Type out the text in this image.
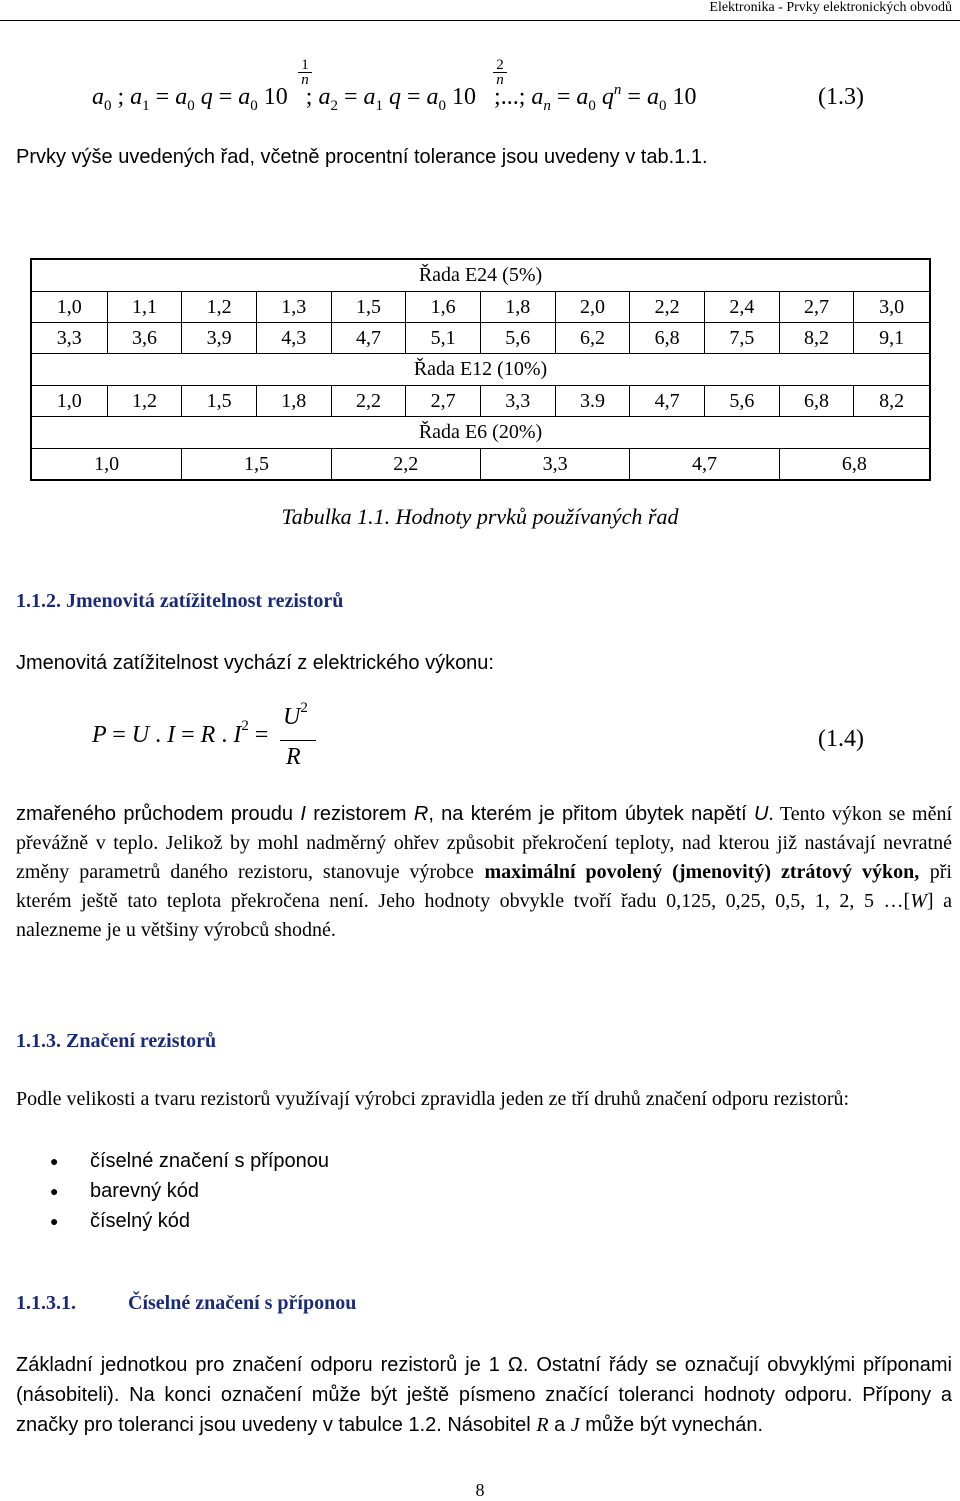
Elektronika - Prvky elektronických obvodů
$\frac{1}{n}$	$\frac{2}{n}$
$a_0$ ; $a_1 = a_0$ $q = a_0$ 10   ; $a_2 = a_1$ $q = a_0$ 10   ;...; $a_n = a_0$ $q^n = a_0$ 10	(1.3)
Prvky výše uvedených řad, včetně procentní tolerance jsou uvedeny v tab.1.1.
Řada E24 (5%)											
1,0	1,1	1,2	1,3	1,5	1,6	1,8	2,0	2,2	2,4	2,7	3,0
3,3	3,6	3,9	4,3	4,7	5,1	5,6	6,2	6,8	7,5	8,2	9,1
Řada E12 (10%)											
1,0	1,2	1,5	1,8	2,2	2,7	3,3	3.9	4,7	5,6	6,8	8,2
Řada E6 (20%)											
1,0		1,5		2,2		3,3		4,7		6,8	
Tabulka 1.1. Hodnoty prvků používaných řad
1.1.2. Jmenovitá zatížitelnost rezistorů
Jmenovitá zatížitelnost vychází z elektrického výkonu:
P = U . I = R . $I^2$ =
$U^2$
R
(1.4)
zmařeného průchodem proudu I rezistorem R, na kterém je přitom úbytek napětí U. Tento výkon se mění převážně v teplo. Jelikož by mohl nadměrný ohřev způsobit překročení teploty, nad kterou již nastávají nevratné změny parametrů daného rezistoru, stanovuje výrobce maximální povolený (jmenovitý) ztrátový výkon, při kterém ještě tato teplota překročena není. Jeho hodnoty obvykle tvoří řadu 0,125, 0,25, 0,5, 1, 2, 5 …[W] a nalezneme je u většiny výrobců shodné.
1.1.3. Značení rezistorů
Podle velikosti a tvaru rezistorů využívají výrobci zpravidla jeden ze tří druhů značení odporu rezistorů:
● číselné značení s příponou
● barevný kód
● číselný kód
1.1.3.1.	Číselné značení s příponou
Základní jednotkou pro značení odporu rezistorů je 1 Ω. Ostatní řády se označují obvyklými příponami (násobiteli). Na konci označení může být ještě písmeno značící toleranci hodnoty odporu. Přípony a značky pro toleranci jsou uvedeny v tabulce 1.2. Násobitel R a J může být vynechán.
8
